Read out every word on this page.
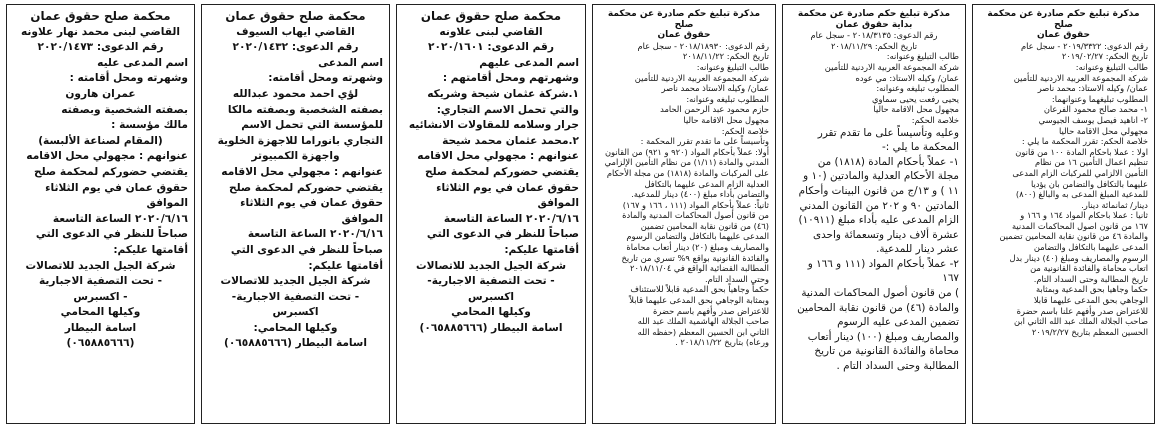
محكمة صلح حقوق عمان
القاضي لبنى محمد نهار علاونه
رقم الدعوى: ٢٠٢٠/١٤٧٣
اسم المدعى عليه
وشهرته ومحل أقامته :
عمران هارون
بصفته الشخصية وبصفته
مالك مؤسسة :
(المقام لصناعة الألبسة)
عنوانهم : مجهولي محل الاقامه
يقتضي حضوركم لمحكمة صلح
حقوق عمان في يوم الثلاثاء الموافق
٢٠٢٠/٦/١٦ الساعة التاسعة
صباحاً للنظر في الدعوى التي
أقامتها عليكم:
شركة الجيل الجديد للاتصالات
- تحت التصفية الاجبارية
- اكسبرس
وكيلها المحامي
اسامة البيطار
(٠٦٥٨٨٥٦٦٦)
محكمة صلح حقوق عمان
القاضي ايهاب السيوف
رقم الدعوى: ٢٠٢٠/١٤٣٢
اسم المدعى
وشهرته ومحل أقامته:
لؤي احمد محمود عبدالله
بصفته الشخصية وبصفته مالكا
للمؤسسة التي تحمل الاسم
التجاري بانوراما للاجهزة الخلوية
واجهزة الكمبيوتر
عنوانهم : مجهولي محل الاقامه
يقتضي حضوركم لمحكمة صلح
حقوق عمان في يوم الثلاثاء الموافق
٢٠٢٠/٦/١٦ الساعة التاسعة
صباحاً للنظر في الدعوى التي
أقامتها عليكم:
شركة الجيل الجديد للاتصالات
- تحت التصفية الاجبارية- اكسبرس
وكيلها المحامي:
اسامة البيطار (٠٦٥٨٨٥٦٦٦)
محكمة صلح حقوق عمان
القاضي لبنى علاونه
رقم الدعوى: ٢٠٢٠/١٦٠١
اسم المدعى عليهم
وشهرتهم ومحل أقامتهم :
١.شركة عثمان شيحة وشريكه
والتي تحمل الاسم التجاري:
جرار وسلامه للمقاولات الانشائيه
٢.محمد عثمان محمد شيحة
عنوانهم : مجهولي محل الاقامه
يقتضي حضوركم لمحكمة صلح
حقوق عمان في يوم الثلاثاء الموافق
٢٠٢٠/٦/١٦ الساعة التاسعة
صباحاً للنظر في الدعوى التي
أقامتها عليكم:
شركة الجيل الجديد للاتصالات
- تحت التصفية الاجبارية- اكسبرس
وكيلها المحامي
اسامة البيطار (٠٦٥٨٨٥٦٦٦)
مذكرة تبليغ حكم صادرة عن محكمة صلح
حقوق عمان
رقم الدعوى: ٢٠١٨/١٨٩٣٠ - سجل عام
تاريخ الحكم: ٢٠١٨/١١/٢٢

طالب التبليغ وعنوانه:

شركة المجموعة العربية الاردنية للتأمين

عمان/ وكيله الاستاذ محمد ناصر

المطلوب تبليغه وعنوانه:

حازم محمود عبد الرحمن الحامد

مجهول محل الاقامة حاليا

خلاصة الحكم:

وتأسيساً على ما تقدم تقرر المحكمة :

أولا: عملاً بأحكام المواد (٩٢٠ و ٩٢١) من القانون

المدني والمادة (١/١١) من نظام التأمين الإلزامي

على المركبات والمادة (١٨١٨) من مجلة الأحكام

العدلية الزام المدعى عليهما بالتكافل

والتضامن بأداء مبلغ (٤٠٠) دينار للمدعية.

ثانياً: عملاً بأحكام المواد (١١١ ، ١٦٦ و ١٦٧)

من قانون أصول المحاكمات المدنية والمادة

(٤٦) من قانون نقابة المحامين تضمين

المدعى عليهما بالتكافل والتضامن الرسوم

والمصاريف ومبلغ (٢٠) دينار أتعاب محاماة

والفائدة القانونية بواقع ٩% تسري من تاريخ

المطالبة القضائية الواقع في ٢٠١٨/١١/٠٤

وحتى السداد التام.

حكماً وجاهياً بحق المدعية قابلاً للاستئناف

وبمثابة الوجاهي بحق المدعى عليهما قابلاً

للاعتراض صدر وأفهم باسم حضرة

صاحب الجلالة الهاشمية الملك عبد الله

الثاني ابن الحسين المعظم (حفظه الله

ورعاه) بتاريخ ٢٠١٨/١١/٢٢ .

مذكرة تبليغ حكم صادرة عن محكمة
بداية حقوق عمان
رقم الدعوى: ٢٠١٨/٣١٣٥ - سجل عام
تاريخ الحكم: ٢٠١٨/١١/٢٩

طالب التبليغ وعنوانه:

شركة المجموعة العربية الاردنية للتأمين

عمان/ وكيله الاستاذ: مي عوده

المطلوب تبليغه وعنوانه:

يحيى رفعت يحيى سماوي

مجهول محل الاقامة حاليا

خلاصة الحكم:

وعليه وتأسيساً على ما تقدم تقرر

المحكمة ما يلي :-

١- عملاً بأحكام المادة (١٨١٨) من

مجلة الأحكام العدلية والمادتين (١٠ و

١١ ) و ١٣/ج من قانون البينات وأحكام

المادتين ٩٠ و ٢٠٢ من القانون المدني

الزام المدعى عليه بأداء مبلغ (١٠٩١١)

عشرة ألاف دينار وتسعمائة واحدى

عشر دينار للمدعية.

٢- عملاً بأحكام المواد (١١١ و ١٦٦ و ١٦٧

) من قانون أصول المحاكمات المدنية

والمادة (٤٦) من قانون نقابة المحامين

تضمين المدعى عليه الرسوم

والمصاريف ومبلغ (١٠٠) دينار أتعاب

محاماة والفائدة القانونية من تاريخ

المطالبة وحتى السداد التام .

مذكرة تبليغ حكم صادرة عن محكمة صلح
حقوق عمان
رقم الدعوى: ٢٠١٩/٣٣٢٢ - سجل عام
تاريخ الحكم: ٢٠١٩/٠٢/٢٧

طالب التبليغ وعنوانه:

شركة المجموعة العربية الاردنية للتأمين

عمان/ وكيله الاستاذ: محمد ناصر

المطلوب تبليغهما وعنوانهما:

١- محمد صالح محمود الفرعان

٢- اناهيد فيصل يوسف الجيوسي

مجهولي محل الاقامة حاليا

خلاصة الحكم: تقرر المحكمة ما يلي :

اولا : عملا باحكام المادة ١٠٠ من قانون

تنظيم اعمال التأمين ١٦ من نظام

التأمين الالزامي للمركبات الزام المدعى

عليهما بالتكافل والتضامن بان يؤديا

للمدعية المبلغ المدعى به والبالغ (٨٠٠)

دينار/ ثمانمائة دينار.

ثانيا : عملا باحكام المواد ١٦٤ و ١٦٦ و

١٦٧ من قانون اصول المحاكمات المدنية

والمادة ٤٦ من قانون نقابة المحامين تضمين

المدعى عليهما بالتكافل والتضامن

الرسوم والمصاريف ومبلغ (٤٠) دينار بدل

اتعاب محاماة والفائدة القانونية من

تاريخ المطالبة وحتى السداد التام.

حكما وجاهيا بحق المدعية وبمثابة

الوجاهي بحق المدعى عليهما قابلا

للاعتراض صدر وأفهم علنا باسم حضرة

صاحب الجلالة الملك عبد الله الثاني ابن

الحسين المعظم بتاريخ ٢٠١٩/٢/٢٧
